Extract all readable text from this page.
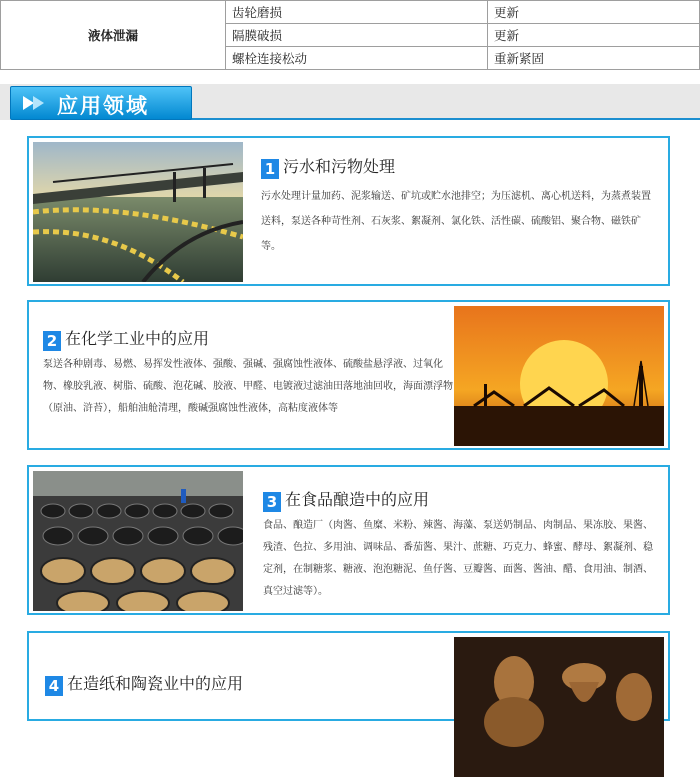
液体泄漏	齿轮磨损	更新
	隔膜破损	更新
	螺栓连接松动	重新紧固
应用领域
1 污水和污物处理
污水处理计量加药、泥浆输送、矿坑或贮水池排空；为压滤机、离心机送料，为蒸煮装置送料，泵送各种苛性剂、石灰浆、絮凝剂、氯化铁、活性碳、硫酸铝、聚合物、磁铁矿等。
2 在化学工业中的应用
泵送各种剧毒、易燃、易挥发性液体、强酸、强碱、强腐蚀性液体、硫酸盐悬浮液、过氧化物、橡胶乳液、树脂、硫酸、泡花碱、胶液、甲醛、电镀液过滤油田落地油回收，海面漂浮物（原油、浒苔），船舶油舱清理，酸碱强腐蚀性液体，高粘度液体等
3 在食品酿造中的应用
食品、酿造厂（肉酱、鱼糜、米粉、辣酱、海藻、泵送奶制品、肉制品、果冻胶、果酱、残渣、色拉、多用油、调味品、番茄酱、果汁、蔗糖、巧克力、蜂蜜、酵母、絮凝剂、稳定剂，在制糖浆、糖液、泡泡糖泥、鱼仔酱、豆瓣酱、面酱、酱油、醋、食用油、制酒、真空过滤等）。
4 在造纸和陶瓷业中的应用
